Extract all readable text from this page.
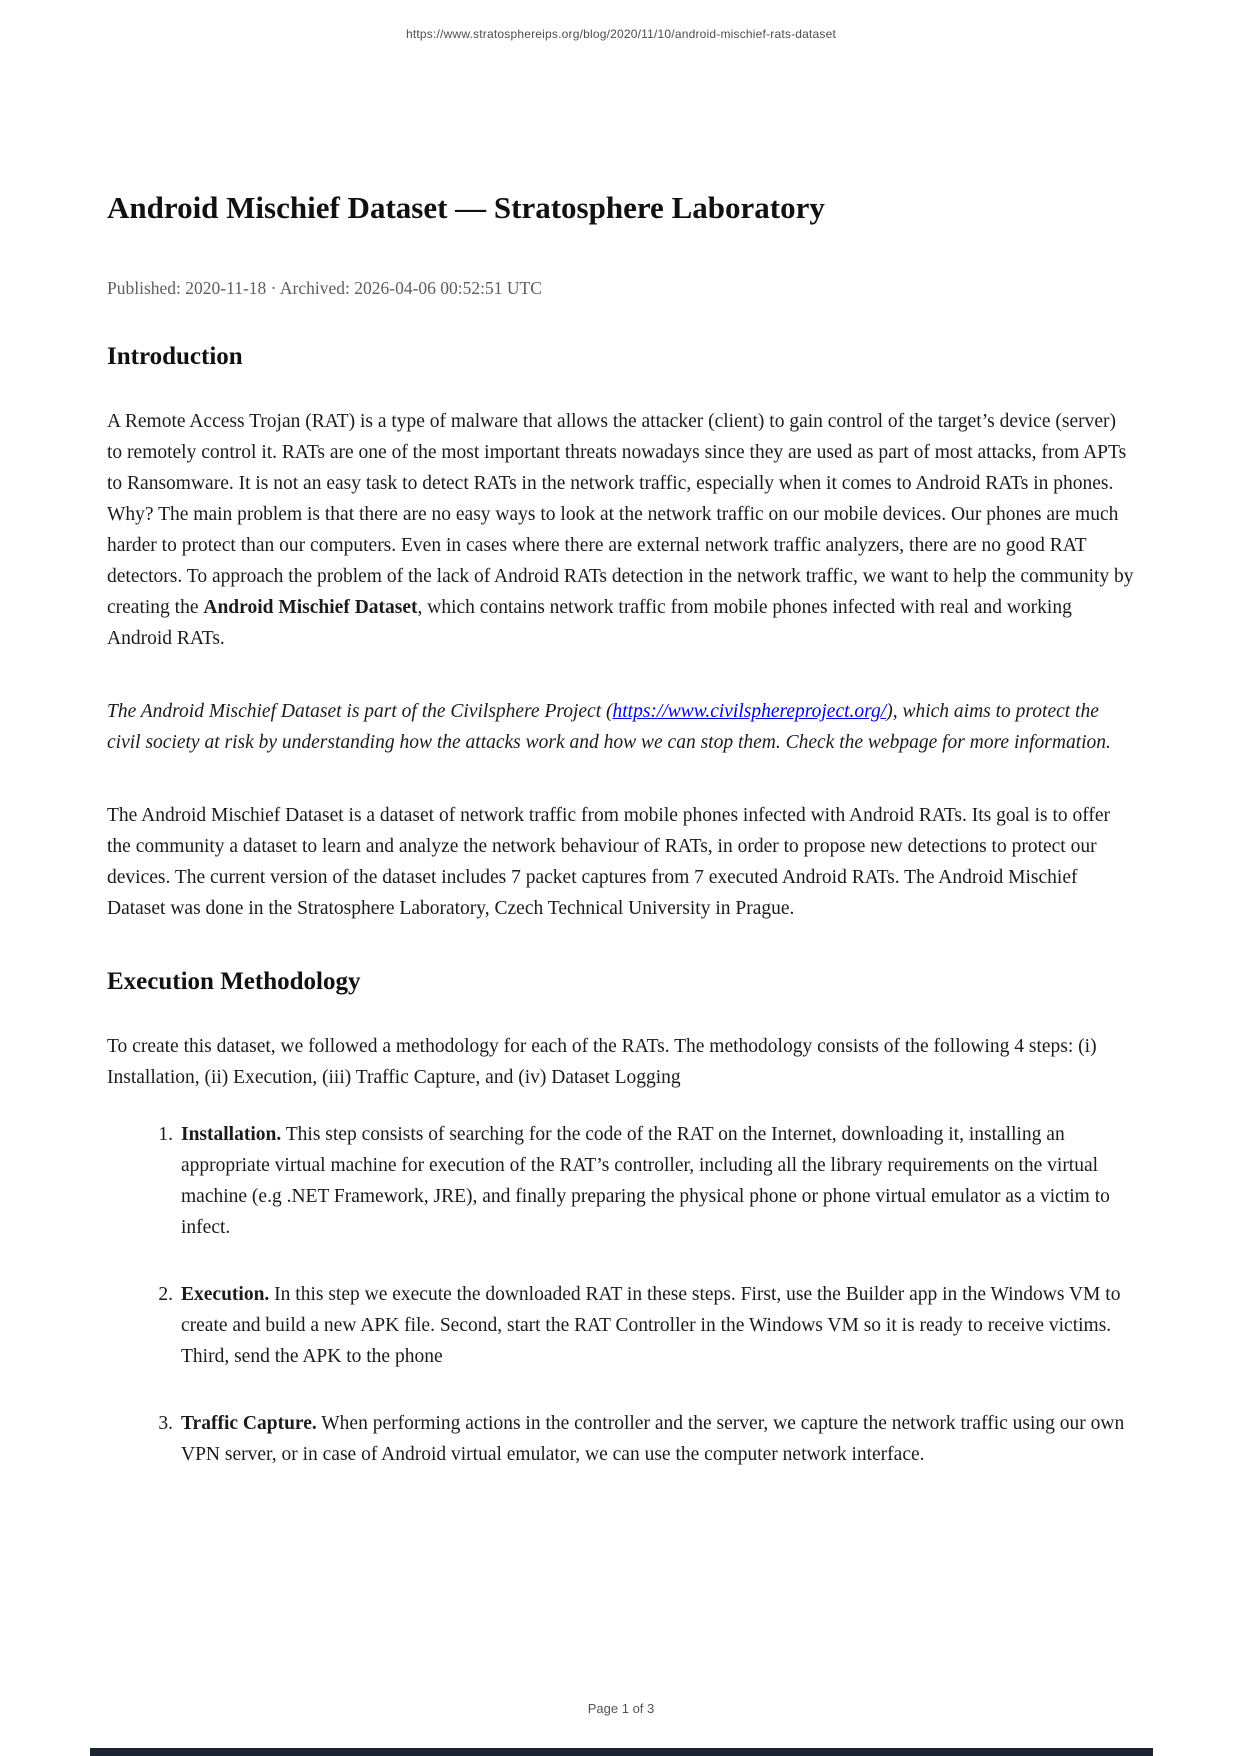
https://www.stratosphereips.org/blog/2020/11/10/android-mischief-rats-dataset
Android Mischief Dataset — Stratosphere Laboratory
Published: 2020-11-18 · Archived: 2026-04-06 00:52:51 UTC
Introduction

A Remote Access Trojan (RAT) is a type of malware that allows the attacker (client) to gain control of the target’s device (server) to remotely control it. RATs are one of the most important threats nowadays since they are used as part of most attacks, from APTs to Ransomware. It is not an easy task to detect RATs in the network traffic, especially when it comes to Android RATs in phones. Why? The main problem is that there are no easy ways to look at the network traffic on our mobile devices. Our phones are much harder to protect than our computers. Even in cases where there are external network traffic analyzers, there are no good RAT detectors. To approach the problem of the lack of Android RATs detection in the network traffic, we want to help the community by creating the Android Mischief Dataset, which contains network traffic from mobile phones infected with real and working Android RATs.

The Android Mischief Dataset is part of the Civilsphere Project (https://www.civilsphereproject.org/), which aims to protect the civil society at risk by understanding how the attacks work and how we can stop them. Check the webpage for more information.

The Android Mischief Dataset is a dataset of network traffic from mobile phones infected with Android RATs. Its goal is to offer the community a dataset to learn and analyze the network behaviour of RATs, in order to propose new detections to protect our devices. The current version of the dataset includes 7 packet captures from 7 executed Android RATs. The Android Mischief Dataset was done in the Stratosphere Laboratory, Czech Technical University in Prague.

Execution Methodology

To create this dataset, we followed a methodology for each of the RATs. The methodology consists of the following 4 steps: (i) Installation, (ii) Execution, (iii) Traffic Capture, and (iv) Dataset Logging

1. Installation. This step consists of searching for the code of the RAT on the Internet, downloading it, installing an appropriate virtual machine for execution of the RAT’s controller, including all the library requirements on the virtual machine (e.g .NET Framework, JRE), and finally preparing the physical phone or phone virtual emulator as a victim to infect.
2. Execution. In this step we execute the downloaded RAT in these steps. First, use the Builder app in the Windows VM to create and build a new APK file. Second, start the RAT Controller in the Windows VM so it is ready to receive victims. Third, send the APK to the phone
3. Traffic Capture. When performing actions in the controller and the server, we capture the network traffic using our own VPN server, or in case of Android virtual emulator, we can use the computer network interface.
Page 1 of 3
